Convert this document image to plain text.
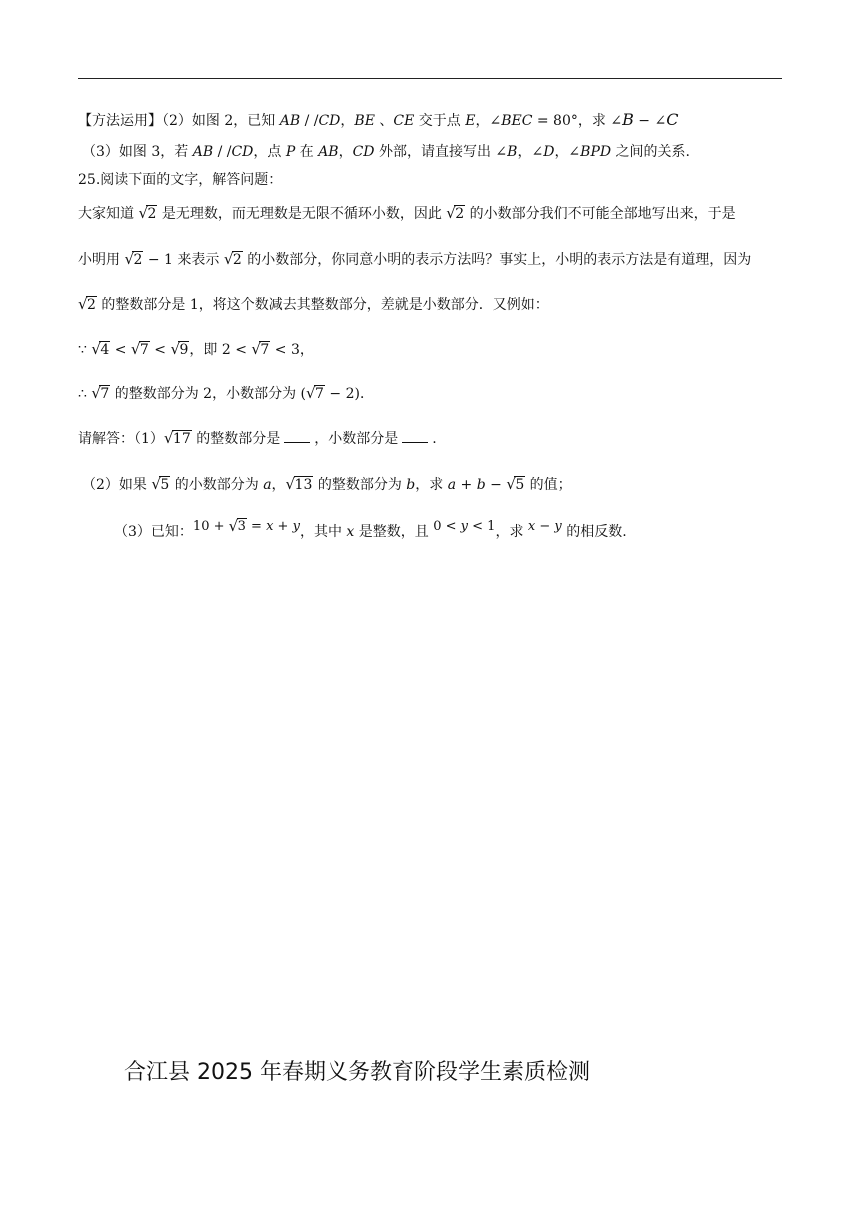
【方法运用】（2）如图 2，已知 AB / /CD，BE 、CE 交于点 E，∠BEC = 80°，求 ∠B − ∠C
（3）如图 3，若 AB / /CD，点 P 在 AB，CD 外部，请直接写出 ∠B，∠D，∠BPD 之间的关系.
25.阅读下面的文字，解答问题：
大家知道 √ 2 是无理数，而无理数是无限不循环小数，因此 √ 2 的小数部分我们不可能全部地写出来，于是
小明用 √ 2 − 1 来表示 √ 2 的小数部分，你同意小明的表示方法吗？事实上，小明的表示方法是有道理，因为
√ 2 的整数部分是 1，将这个数减去其整数部分，差就是小数部分．又例如：
∵ √ 4 < √ 7 < √ 9，即 2 < √ 7 < 3，
∴ √ 7 的整数部分为 2，小数部分为 ( √ 7 − 2)．
请解答：（1） √ 17 的整数部分是 ，小数部分是 .
（2）如果 √ 5 的小数部分为 a， √ 13 的整数部分为 b，求 a + b − √ 5 的值；
（3）已知：10 + √ 3 = x + y，其中 x 是整数，且 0 < y < 1，求 x − y 的相反数.
合江县 2025 年春期义务教育阶段学生素质检测
